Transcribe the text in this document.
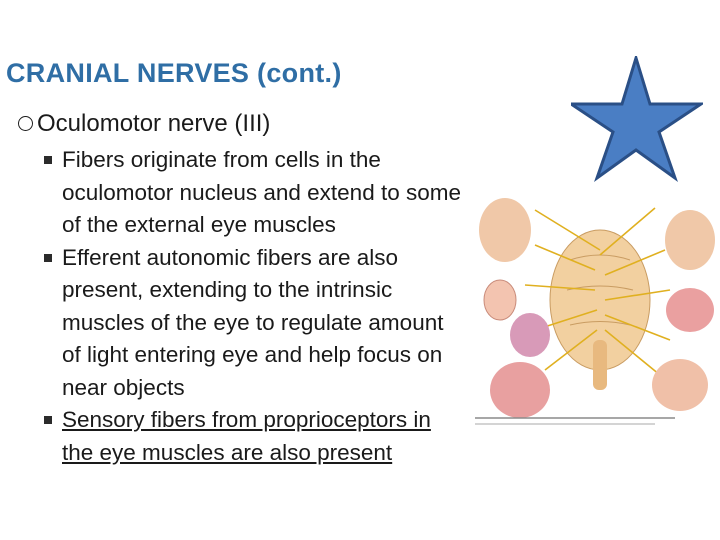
CRANIAL NERVES (cont.)
Oculomotor nerve (III)
Fibers originate from cells in the oculomotor nucleus and extend to some of the external eye muscles
Efferent autonomic fibers are also present, extending to the intrinsic muscles of the eye to regulate amount of light entering eye and help focus on near objects
Sensory fibers from proprioceptors in the eye muscles are also present
